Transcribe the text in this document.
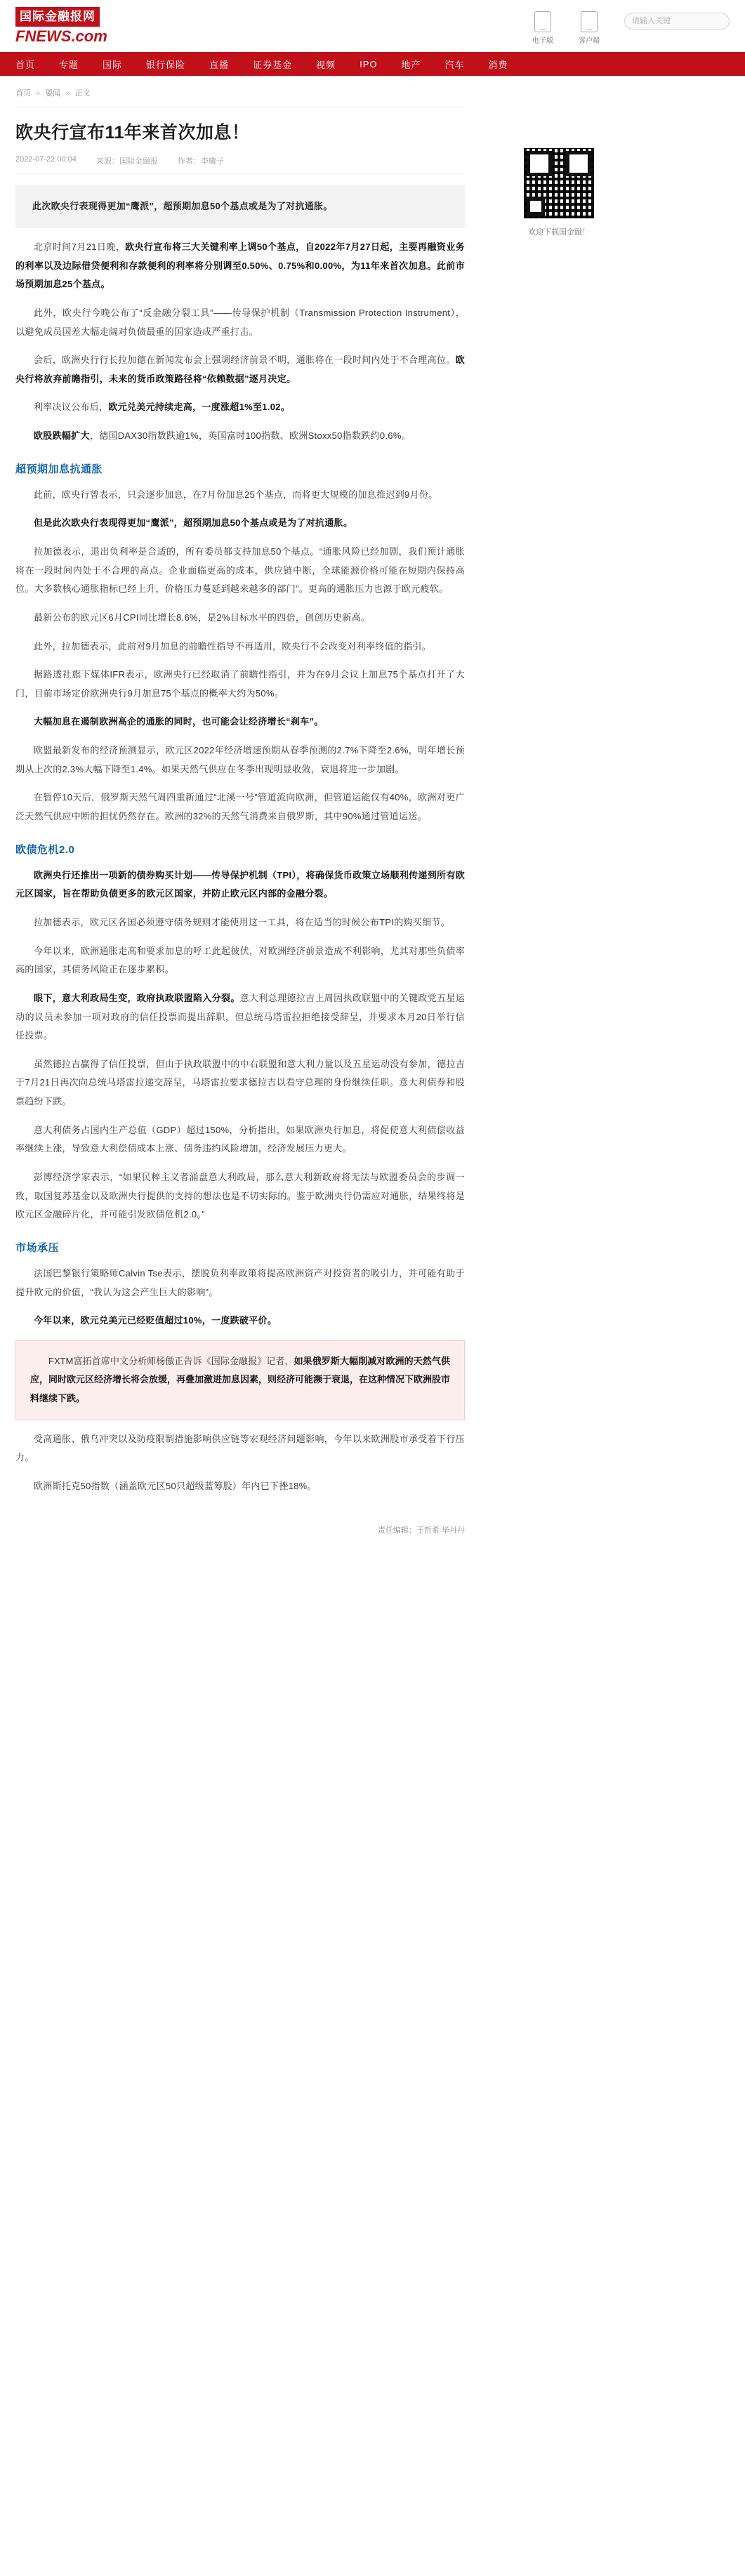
国际金融报网
FNEWS.com	电子版	客户端
请输入关键
首页	专题	国际	银行保险	直播	证券基金	视频	IPO	地产	汽车	消费
欢迎下载国金融！
首页 » 要闻 » 正文
欧央行宣布11年来首次加息！
2022-07-22 00:04	来源：国际金融报	作者：李曦子
此次欧央行表现得更加“鹰派”，超预期加息50个基点或是为了对抗通胀。

北京时间7月21日晚，欧央行宣布将三大关键利率上调50个基点，自2022年7月27日起，主要再融资业务的利率以及边际借贷便利和存款便利的利率将分别调至0.50%、0.75%和0.00%，为11年来首次加息。此前市场预期加息25个基点。

此外，欧央行今晚公布了“反金融分裂工具”——传导保护机制（Transmission Protection Instrument），以避免成员国差大幅走阔对负债最重的国家造成严重打击。

会后，欧洲央行行长拉加德在新闻发布会上强调经济前景不明，通胀将在一段时间内处于不合理高位。欧央行将放弃前瞻指引，未来的货币政策路径将“依赖数据”逐月决定。

利率决议公布后，欧元兑美元持续走高，一度涨超1%至1.02。

欧股跌幅扩大，德国DAX30指数跌逾1%，英国富时100指数、欧洲Stoxx50指数跌约0.6%。

超预期加息抗通胀

此前，欧央行曾表示，只会逐步加息，在7月份加息25个基点，而将更大规模的加息推迟到9月份。

但是此次欧央行表现得更加“鹰派”，超预期加息50个基点或是为了对抗通胀。

拉加德表示，退出负利率是合适的，所有委员都支持加息50个基点。“通胀风险已经加剧，我们预计通胀将在一段时间内处于不合理的高点。企业面临更高的成本，供应链中断，全球能源价格可能在短期内保持高位。大多数核心通胀指标已经上升，价格压力蔓延到越来越多的部门”。更高的通胀压力也源于欧元疲软。

最新公布的欧元区6月CPI同比增长8.6%，是2%目标水平的四倍，创创历史新高。

此外，拉加德表示，此前对9月加息的前瞻性指导不再适用，欧央行不会改变对利率终值的指引。

据路透社旗下媒体IFR表示，欧洲央行已经取消了前瞻性指引，并为在9月会议上加息75个基点打开了大门，目前市场定价欧洲央行9月加息75个基点的概率大约为50%。

大幅加息在遏制欧洲高企的通胀的同时，也可能会让经济增长“刹车”。

欧盟最新发布的经济预测显示，欧元区2022年经济增速预期从春季预测的2.7%下降至2.6%，明年增长预期从上次的2.3%大幅下降至1.4%。如果天然气供应在冬季出现明显收敛，衰退将进一步加剧。

在暂停10天后，俄罗斯天然气周四重新通过“北溪一号”管道流向欧洲，但管道运能仅有40%，欧洲对更广泛天然气供应中断的担忧仍然存在。欧洲的32%的天然气消费来自俄罗斯，其中90%通过管道运送。

欧债危机2.0

欧洲央行还推出一项新的债券购买计划——传导保护机制（TPI），将确保货币政策立场顺利传递到所有欧元区国家，旨在帮助负债更多的欧元区国家，并防止欧元区内部的金融分裂。

拉加德表示，欧元区各国必须遵守债务规则才能使用这一工具，将在适当的时候公布TPI的购买细节。

今年以来，欧洲通胀走高和要求加息的呼工此起彼伏，对欧洲经济前景造成不利影响，尤其对那些负债率高的国家，其债务风险正在逐步累积。

眼下，意大利政局生变，政府执政联盟陷入分裂。意大利总理德拉吉上周因执政联盟中的关键政党五星运动的议员未参加一项对政府的信任投票而提出辞职，但总统马塔雷拉拒绝接受辞呈，并要求本月20日举行信任投票。

虽然德拉吉赢得了信任投票，但由于执政联盟中的中右联盟和意大利力量以及五星运动没有参加，德拉吉于7月21日再次向总统马塔雷拉递交辞呈，马塔雷拉要求德拉吉以看守总理的身份继续任职。意大利债券和股票趋纷下跌。

意大利债务占国内生产总值（GDP）超过150%，分析指出，如果欧洲央行加息，将促使意大利债偿收益率继续上涨，导致意大利偿债成本上涨、债务违约风险增加，经济发展压力更大。

彭博经济学家表示，“如果民粹主义者涌盘意大利政局，那么意大利新政府将无法与欧盟委员会的步调一致，取国复苏基金以及欧洲央行提供的支持的想法也是不切实际的。鉴于欧洲央行仍需应对通胀，结果终将是欧元区金融碎片化，并可能引发欧债危机2.0。”

市场承压

法国巴黎银行策略师Calvin Tse表示，摆脱负利率政策将提高欧洲资产对投资者的吸引力，并可能有助于提升欧元的价值，“我认为这会产生巨大的影响”。

今年以来，欧元兑美元已经贬值超过10%，一度跌破平价。

FXTM富拓首席中文分析师杨傲正告诉《国际金融报》记者，如果俄罗斯大幅削减对欧洲的天然气供应，同时欧元区经济增长将会放缓，再叠加激进加息因素，则经济可能濒于衰退，在这种情况下欧洲股市料继续下跌。

受高通胀、俄乌冲突以及防疫限制措施影响供应链等宏观经济问题影响，今年以来欧洲股市承受着下行压力。

欧洲斯托克50指数（涵盖欧元区50只超级蓝筹股）年内已下挫18%。

责任编辑：王哲希 毕丹丹
